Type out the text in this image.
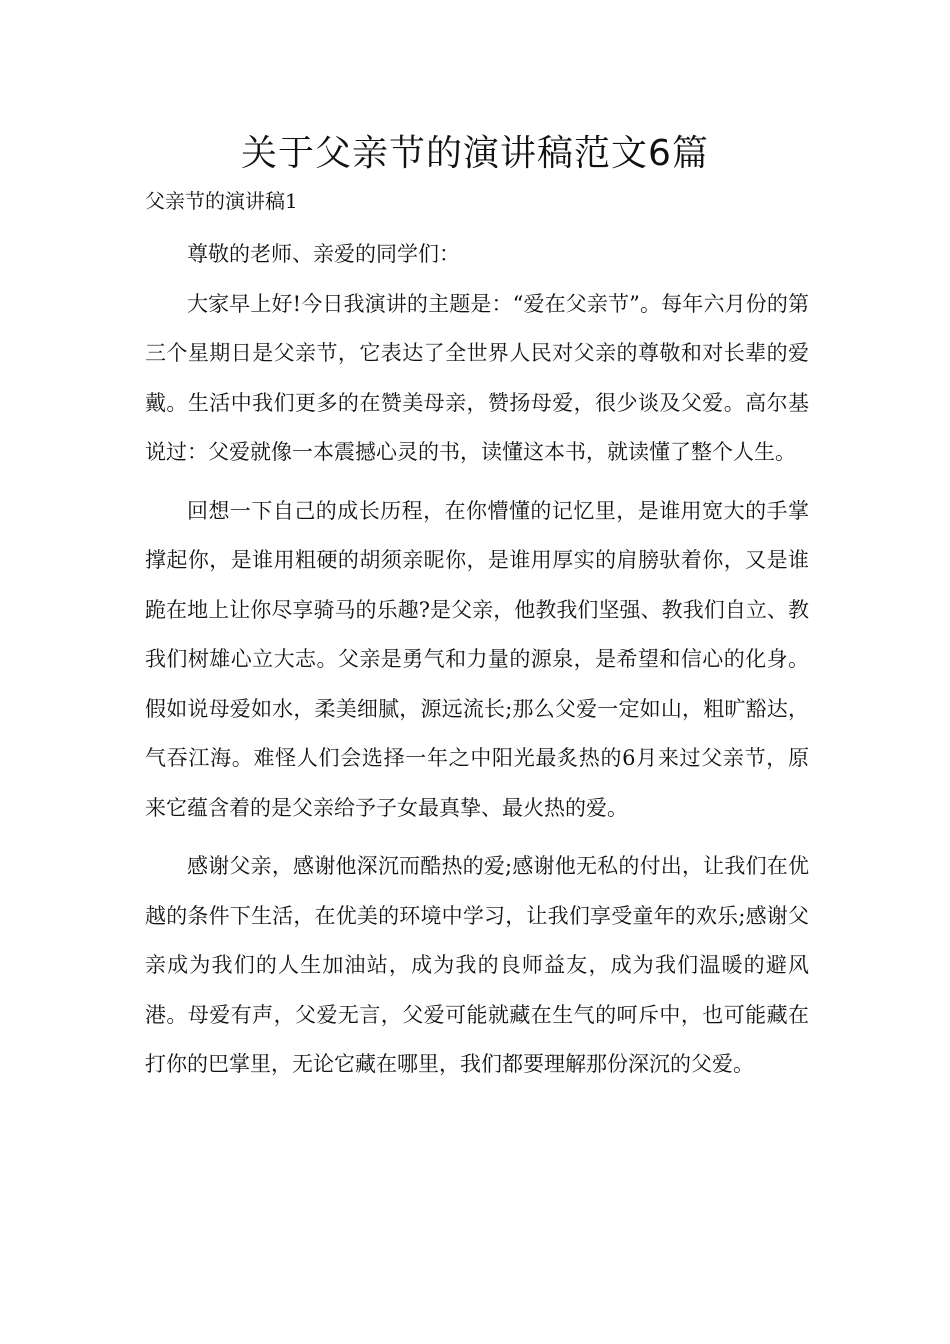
关于父亲节的演讲稿范文6篇

父亲节的演讲稿1

尊敬的老师、亲爱的同学们：

大家早上好!今日我演讲的主题是：“爱在父亲节”。每年六月份的第三个星期日是父亲节，它表达了全世界人民对父亲的尊敬和对长辈的爱戴。生活中我们更多的在赞美母亲，赞扬母爱，很少谈及父爱。高尔基说过：父爱就像一本震撼心灵的书，读懂这本书，就读懂了整个人生。

回想一下自己的成长历程，在你懵懂的记忆里，是谁用宽大的手掌撑起你，是谁用粗硬的胡须亲昵你，是谁用厚实的肩膀驮着你，又是谁跪在地上让你尽享骑马的乐趣?是父亲，他教我们坚强、教我们自立、教我们树雄心立大志。父亲是勇气和力量的源泉，是希望和信心的化身。假如说母爱如水，柔美细腻，源远流长;那么父爱一定如山，粗旷豁达，气吞江海。难怪人们会选择一年之中阳光最炙热的6月来过父亲节，原来它蕴含着的是父亲给予子女最真挚、最火热的爱。

感谢父亲，感谢他深沉而酷热的爱;感谢他无私的付出，让我们在优越的条件下生活，在优美的环境中学习，让我们享受童年的欢乐;感谢父亲成为我们的人生加油站，成为我的良师益友，成为我们温暖的避风港。母爱有声，父爱无言，父爱可能就藏在生气的呵斥中，也可能藏在打你的巴掌里，无论它藏在哪里，我们都要理解那份深沉的父爱。
